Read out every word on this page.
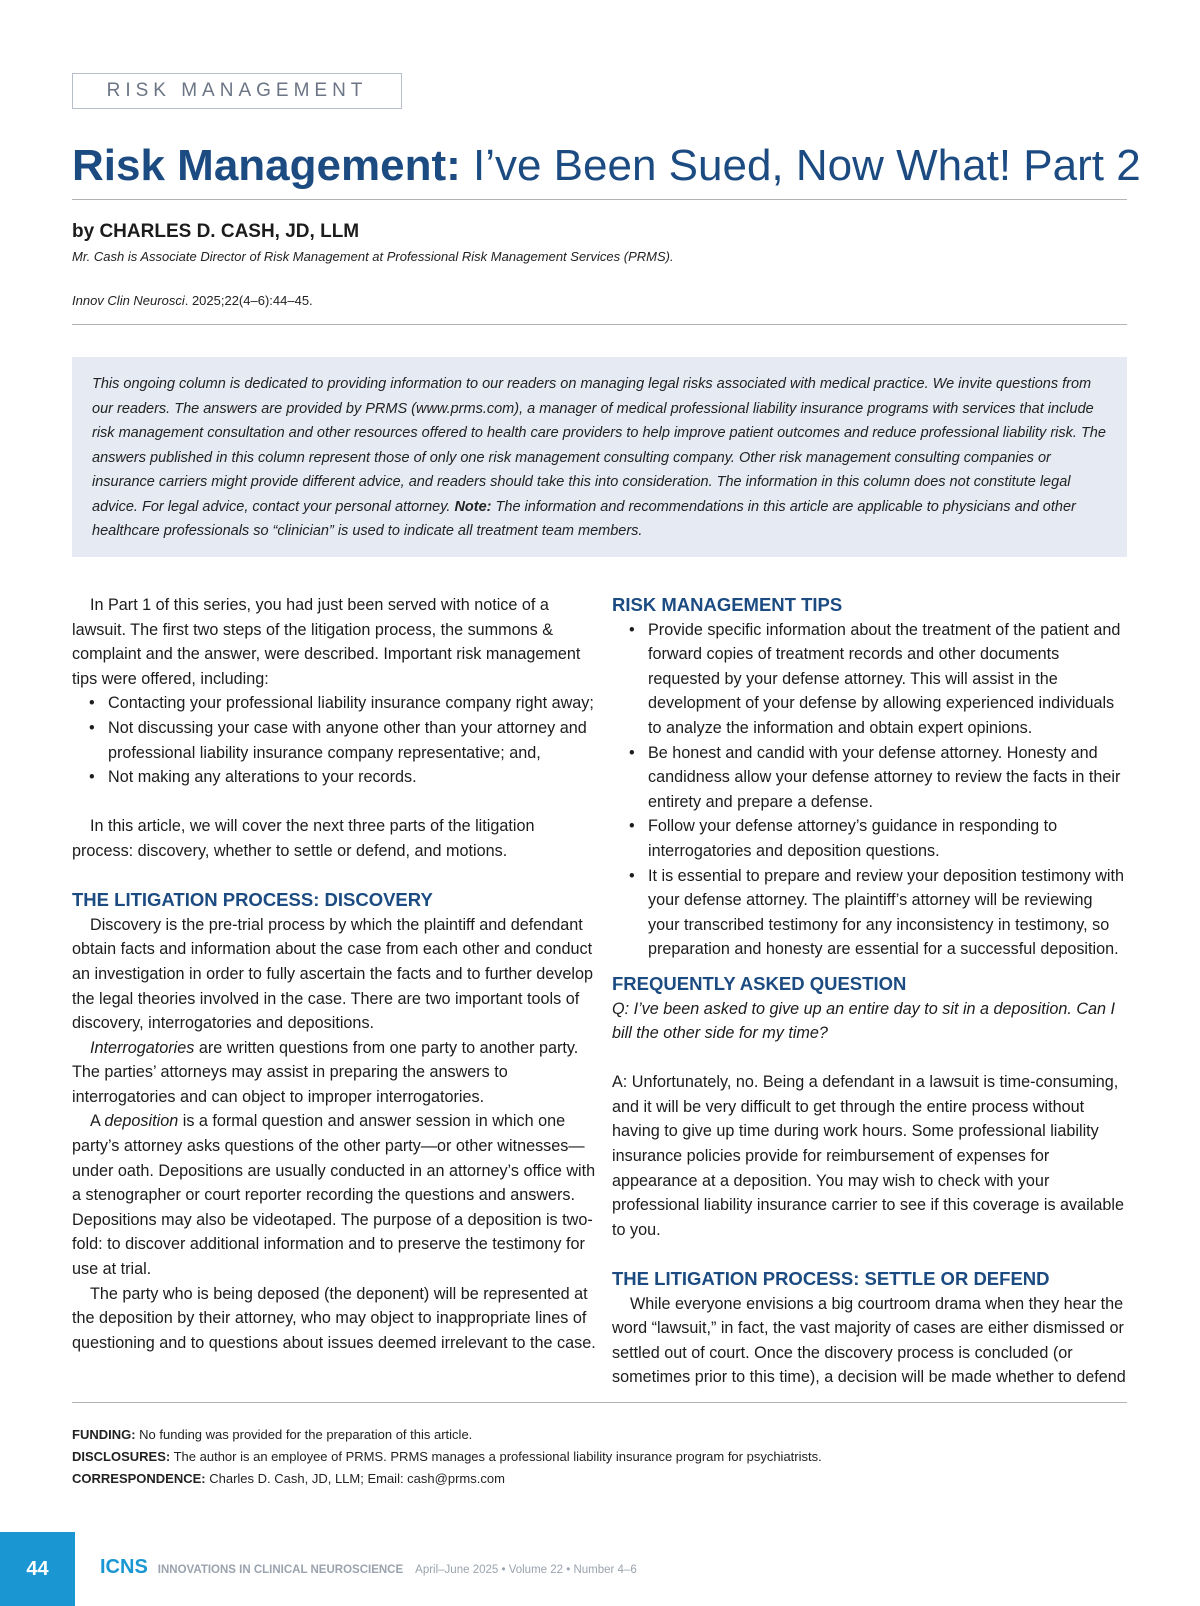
RISK MANAGEMENT
Risk Management: I’ve Been Sued, Now What! Part 2
by CHARLES D. CASH, JD, LLM
Mr. Cash is Associate Director of Risk Management at Professional Risk Management Services (PRMS).
Innov Clin Neurosci. 2025;22(4–6):44–45.
This ongoing column is dedicated to providing information to our readers on managing legal risks associated with medical practice. We invite questions from our readers. The answers are provided by PRMS (www.prms.com), a manager of medical professional liability insurance programs with services that include risk management consultation and other resources offered to health care providers to help improve patient outcomes and reduce professional liability risk. The answers published in this column represent those of only one risk management consulting company. Other risk management consulting companies or insurance carriers might provide different advice, and readers should take this into consideration. The information in this column does not constitute legal advice. For legal advice, contact your personal attorney. Note: The information and recommendations in this article are applicable to physicians and other healthcare professionals so “clinician” is used to indicate all treatment team members.

In Part 1 of this series, you had just been served with notice of a lawsuit. The first two steps of the litigation process, the summons & complaint and the answer, were described. Important risk management tips were offered, including:

• Contacting your professional liability insurance company right away;
• Not discussing your case with anyone other than your attorney and professional liability insurance company representative; and,
• Not making any alterations to your records.

In this article, we will cover the next three parts of the litigation process: discovery, whether to settle or defend, and motions.

THE LITIGATION PROCESS: DISCOVERY

Discovery is the pre-trial process by which the plaintiff and defendant obtain facts and information about the case from each other and conduct an investigation in order to fully ascertain the facts and to further develop the legal theories involved in the case. There are two important tools of discovery, interrogatories and depositions.

Interrogatories are written questions from one party to another party. The parties’ attorneys may assist in preparing the answers to interrogatories and can object to improper interrogatories.

A deposition is a formal question and answer session in which one party’s attorney asks questions of the other party—or other witnesses—under oath. Depositions are usually conducted in an attorney’s office with a stenographer or court reporter recording the questions and answers. Depositions may also be videotaped. The purpose of a deposition is two-fold: to discover additional information and to preserve the testimony for use at trial.

The party who is being deposed (the deponent) will be represented at the deposition by their attorney, who may object to inappropriate lines of questioning and to questions about issues deemed irrelevant to the case.

RISK MANAGEMENT TIPS
• Provide specific information about the treatment of the patient and forward copies of treatment records and other documents requested by your defense attorney. This will assist in the development of your defense by allowing experienced individuals to analyze the information and obtain expert opinions.
• Be honest and candid with your defense attorney. Honesty and candidness allow your defense attorney to review the facts in their entirety and prepare a defense.
• Follow your defense attorney’s guidance in responding to interrogatories and deposition questions.
• It is essential to prepare and review your deposition testimony with your defense attorney. The plaintiff’s attorney will be reviewing your transcribed testimony for any inconsistency in testimony, so preparation and honesty are essential for a successful deposition.
FREQUENTLY ASKED QUESTION

Q: I’ve been asked to give up an entire day to sit in a deposition. Can I bill the other side for my time?

A: Unfortunately, no. Being a defendant in a lawsuit is time-consuming, and it will be very difficult to get through the entire process without having to give up time during work hours. Some professional liability insurance policies provide for reimbursement of expenses for appearance at a deposition. You may wish to check with your professional liability insurance carrier to see if this coverage is available to you.

THE LITIGATION PROCESS: SETTLE OR DEFEND

While everyone envisions a big courtroom drama when they hear the word “lawsuit,” in fact, the vast majority of cases are either dismissed or settled out of court. Once the discovery process is concluded (or sometimes prior to this time), a decision will be made whether to defend

FUNDING: No funding was provided for the preparation of this article.

DISCLOSURES: The author is an employee of PRMS. PRMS manages a professional liability insurance program for psychiatrists.

CORRESPONDENCE: Charles D. Cash, JD, LLM; Email: cash@prms.com

44	ICNS INNOVATIONS IN CLINICAL NEUROSCIENCE April–June 2025 • Volume 22 • Number 4–6
